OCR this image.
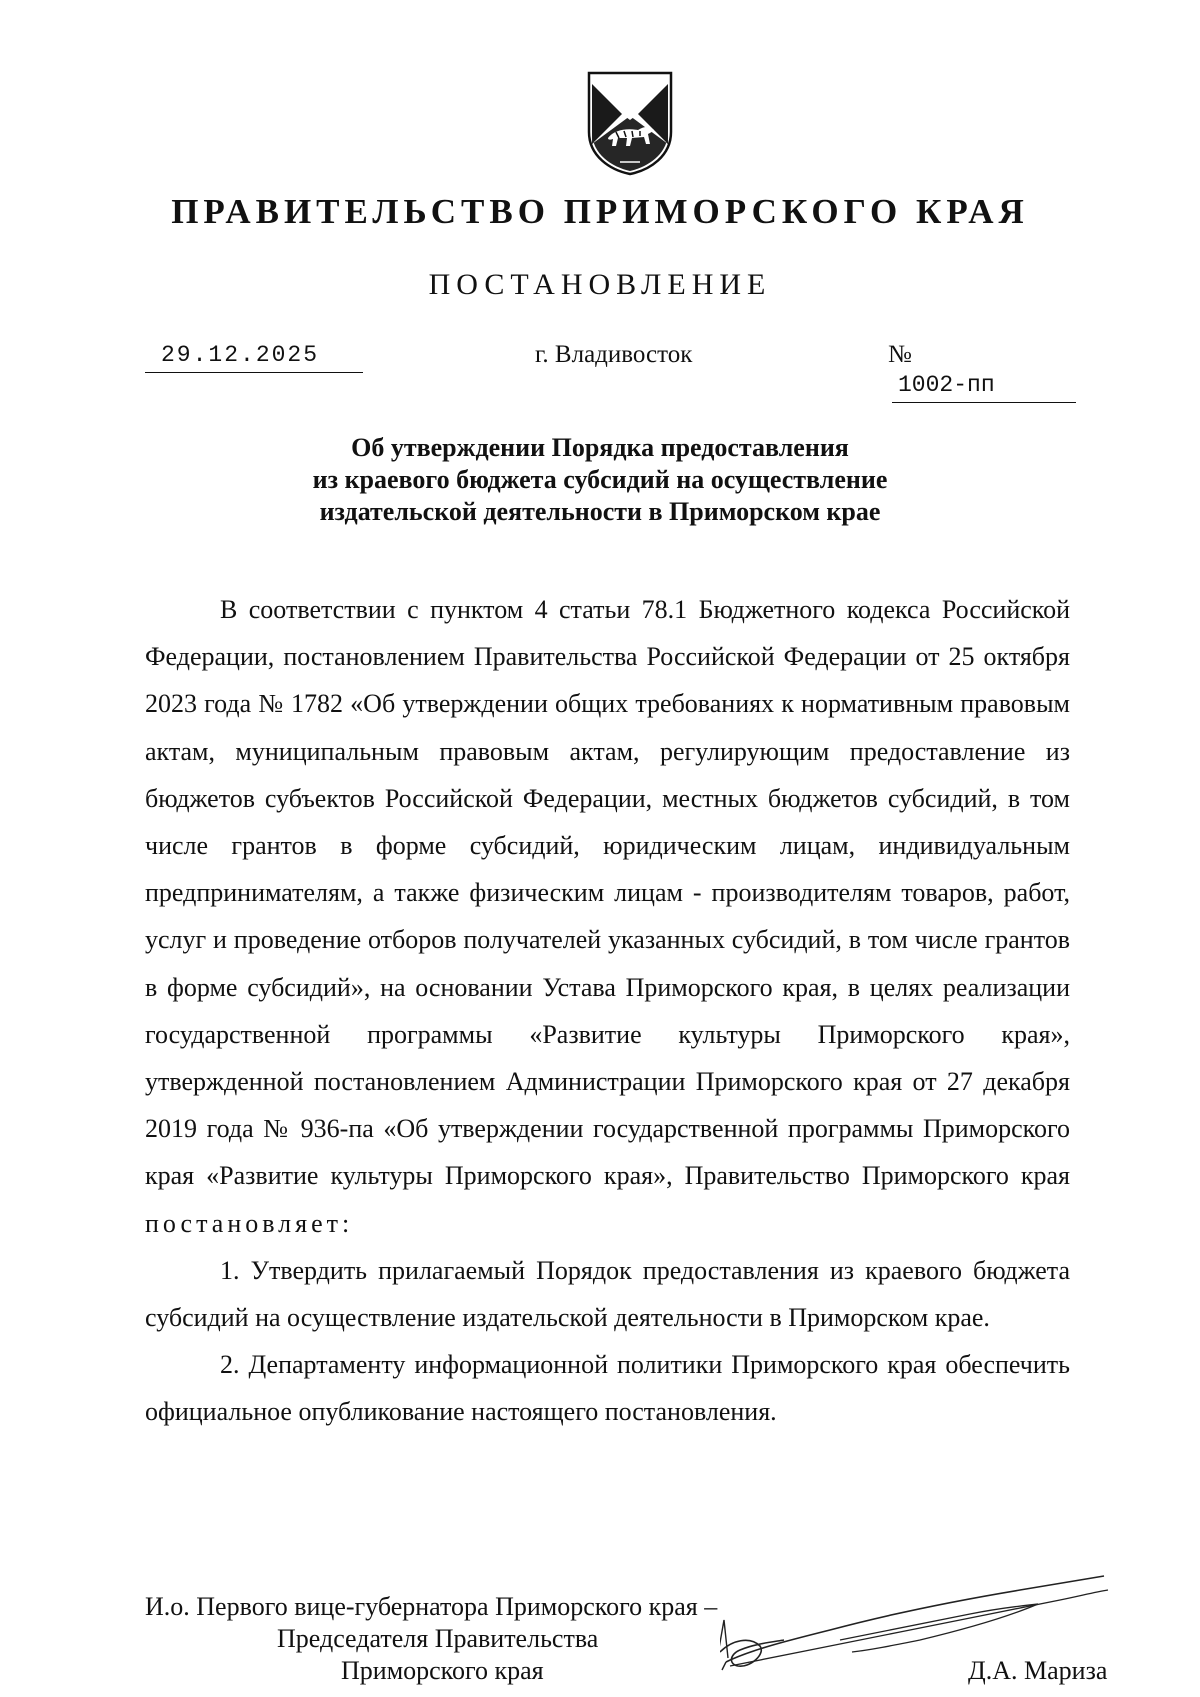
ПРАВИТЕЛЬСТВО ПРИМОРСКОГО КРАЯ
ПОСТАНОВЛЕНИЕ
29.12.2025	г. Владивосток	№ 1002-пп
Об утверждении Порядка предоставления
из краевого бюджета субсидий на осуществление
издательской деятельности в Приморском крае

В соответствии с пунктом 4 статьи 78.1 Бюджетного кодекса Российской Федерации, постановлением Правительства Российской Федерации от 25 октября 2023 года № 1782 «Об утверждении общих требованиях к нормативным правовым актам, муниципальным правовым актам, регулирующим предоставление из бюджетов субъектов Российской Федерации, местных бюджетов субсидий, в том числе грантов в форме субсидий, юридическим лицам, индивидуальным предпринимателям, а также физическим лицам - производителям товаров, работ, услуг и проведение отборов получателей указанных субсидий, в том числе грантов в форме субсидий», на основании Устава Приморского края, в целях реализации государственной программы «Развитие культуры Приморского края», утвержденной постановлением Администрации Приморского края от 27 декабря 2019 года № 936-па «Об утверждении государственной программы Приморского края «Развитие культуры Приморского края», Правительство Приморского края постановляет:

1. Утвердить прилагаемый Порядок предоставления из краевого бюджета субсидий на осуществление издательской деятельности в Приморском крае.

2. Департаменту информационной политики Приморского края обеспечить официальное опубликование настоящего постановления.

И.о. Первого вице-губернатора Приморского края –
Председателя Правительства
Приморского края	Д.А. Мариза
